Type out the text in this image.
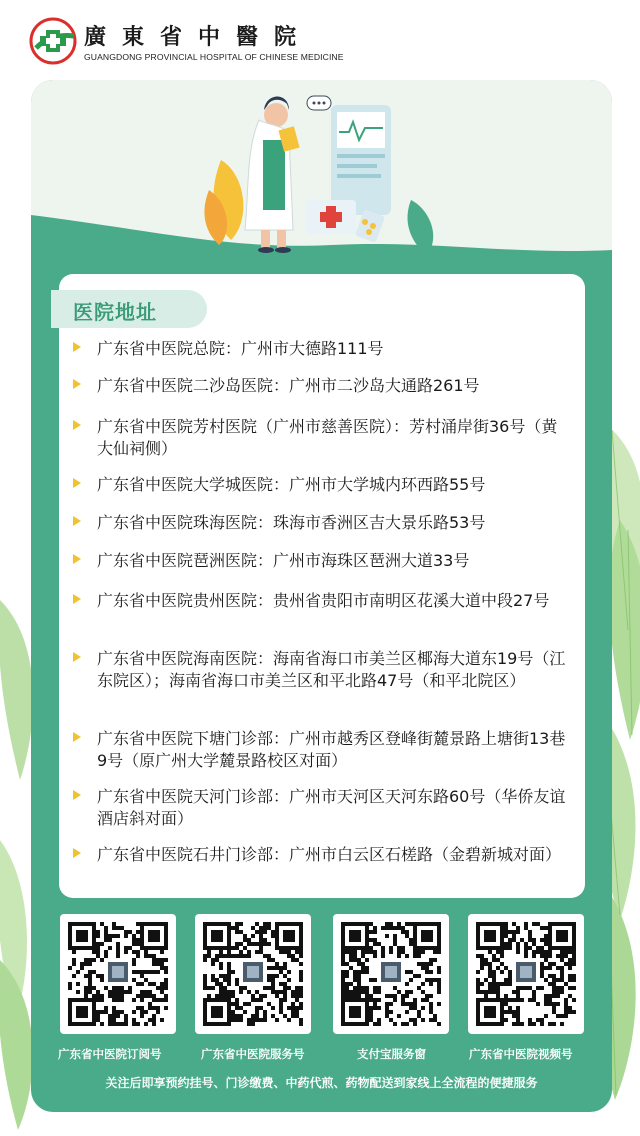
廣東省中醫院
GUANGDONG PROVINCIAL HOSPITAL OF CHINESE MEDICINE
医院地址
广东省中医院总院：广州市大德路111号
广东省中医院二沙岛医院：广州市二沙岛大通路261号
广东省中医院芳村医院（广州市慈善医院）：芳村涌岸街36号（黄大仙祠侧）
广东省中医院大学城医院：广州市大学城内环西路55号
广东省中医院珠海医院：珠海市香洲区吉大景乐路53号
广东省中医院琶洲医院：广州市海珠区琶洲大道33号
广东省中医院贵州医院：贵州省贵阳市南明区花溪大道中段27号
广东省中医院海南医院：海南省海口市美兰区椰海大道东19号（江东院区）；海南省海口市美兰区和平北路47号（和平北院区）
广东省中医院下塘门诊部：广州市越秀区登峰街麓景路上塘街13巷9号（原广州大学麓景路校区对面）
广东省中医院天河门诊部：广州市天河区天河东路60号（华侨友谊酒店斜对面）
广东省中医院石井门诊部：广州市白云区石槎路（金碧新城对面）
广东省中医院订阅号	广东省中医院服务号	支付宝服务窗	广东省中医院视频号
关注后即享预约挂号、门诊缴费、中药代煎、药物配送到家线上全流程的便捷服务
